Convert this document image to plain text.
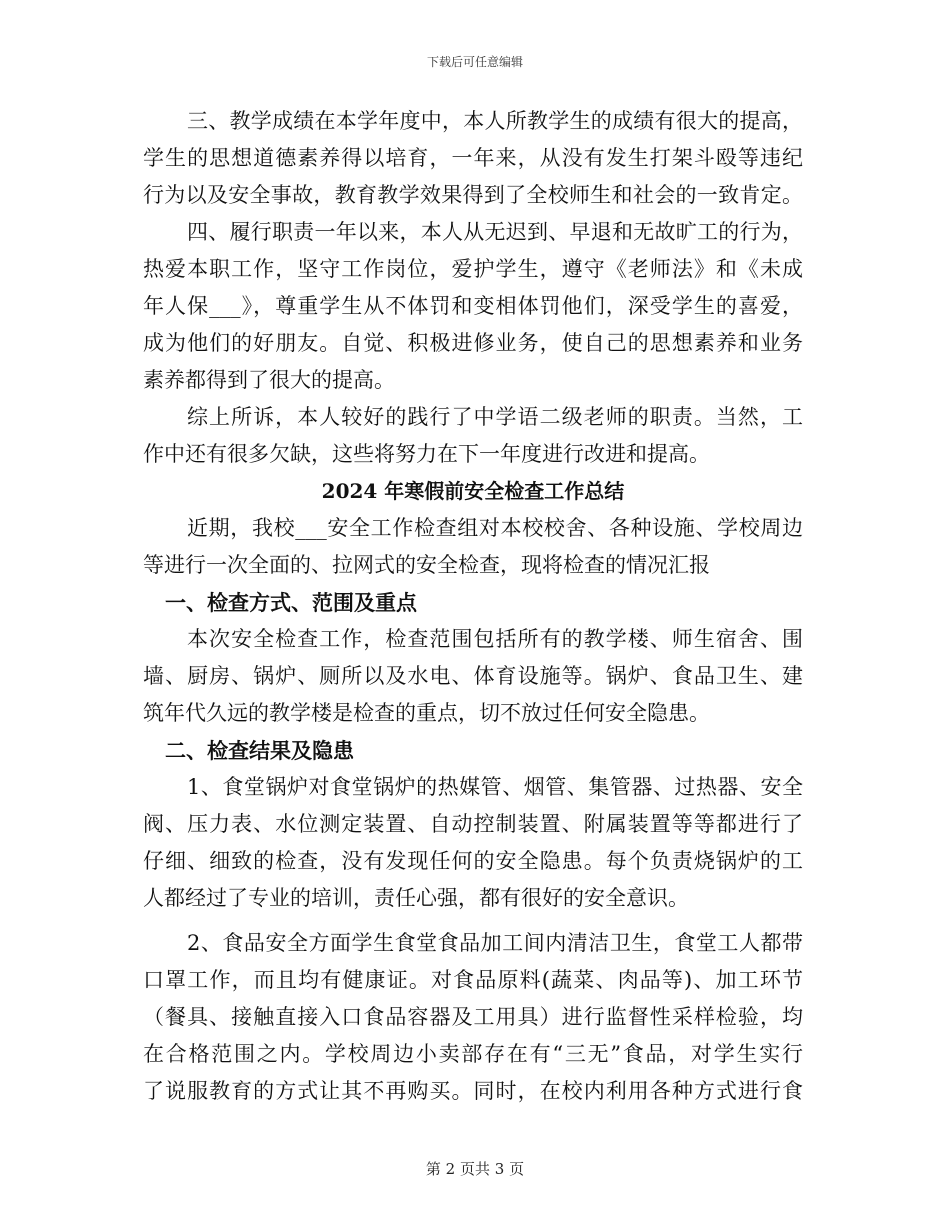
下载后可任意编辑
三、教学成绩在本学年度中，本人所教学生的成绩有很大的提高，
学生的思想道德素养得以培育，一年来，从没有发生打架斗殴等违纪
行为以及安全事故，教育教学效果得到了全校师生和社会的一致肯定。
四、履行职责一年以来，本人从无迟到、早退和无故旷工的行为，
热爱本职工作，坚守工作岗位，爱护学生，遵守《老师法》和《未成
年人保___》，尊重学生从不体罚和变相体罚他们，深受学生的喜爱，
成为他们的好朋友。自觉、积极进修业务，使自己的思想素养和业务
素养都得到了很大的提高。
综上所诉，本人较好的践行了中学语二级老师的职责。当然，工
作中还有很多欠缺，这些将努力在下一年度进行改进和提高。
2024 年寒假前安全检查工作总结
近期，我校___安全工作检查组对本校校舍、各种设施、学校周边
等进行一次全面的、拉网式的安全检查，现将检查的情况汇报
一、检查方式、范围及重点
本次安全检查工作，检查范围包括所有的教学楼、师生宿舍、围
墙、厨房、锅炉、厕所以及水电、体育设施等。锅炉、食品卫生、建
筑年代久远的教学楼是检查的重点，切不放过任何安全隐患。
二、检查结果及隐患
1、食堂锅炉对食堂锅炉的热媒管、烟管、集管器、过热器、安全
阀、压力表、水位测定装置、自动控制装置、附属装置等等都进行了
仔细、细致的检查，没有发现任何的安全隐患。每个负责烧锅炉的工
人都经过了专业的培训，责任心强，都有很好的安全意识。
2、食品安全方面学生食堂食品加工间内清洁卫生，食堂工人都带
口罩工作，而且均有健康证。对食品原料(蔬菜、肉品等)、加工环节
（餐具、接触直接入口食品容器及工用具）进行监督性采样检验，均
在合格范围之内。学校周边小卖部存在有“三无”食品，对学生实行
了说服教育的方式让其不再购买。同时，在校内利用各种方式进行食
第 2 页共 3 页
